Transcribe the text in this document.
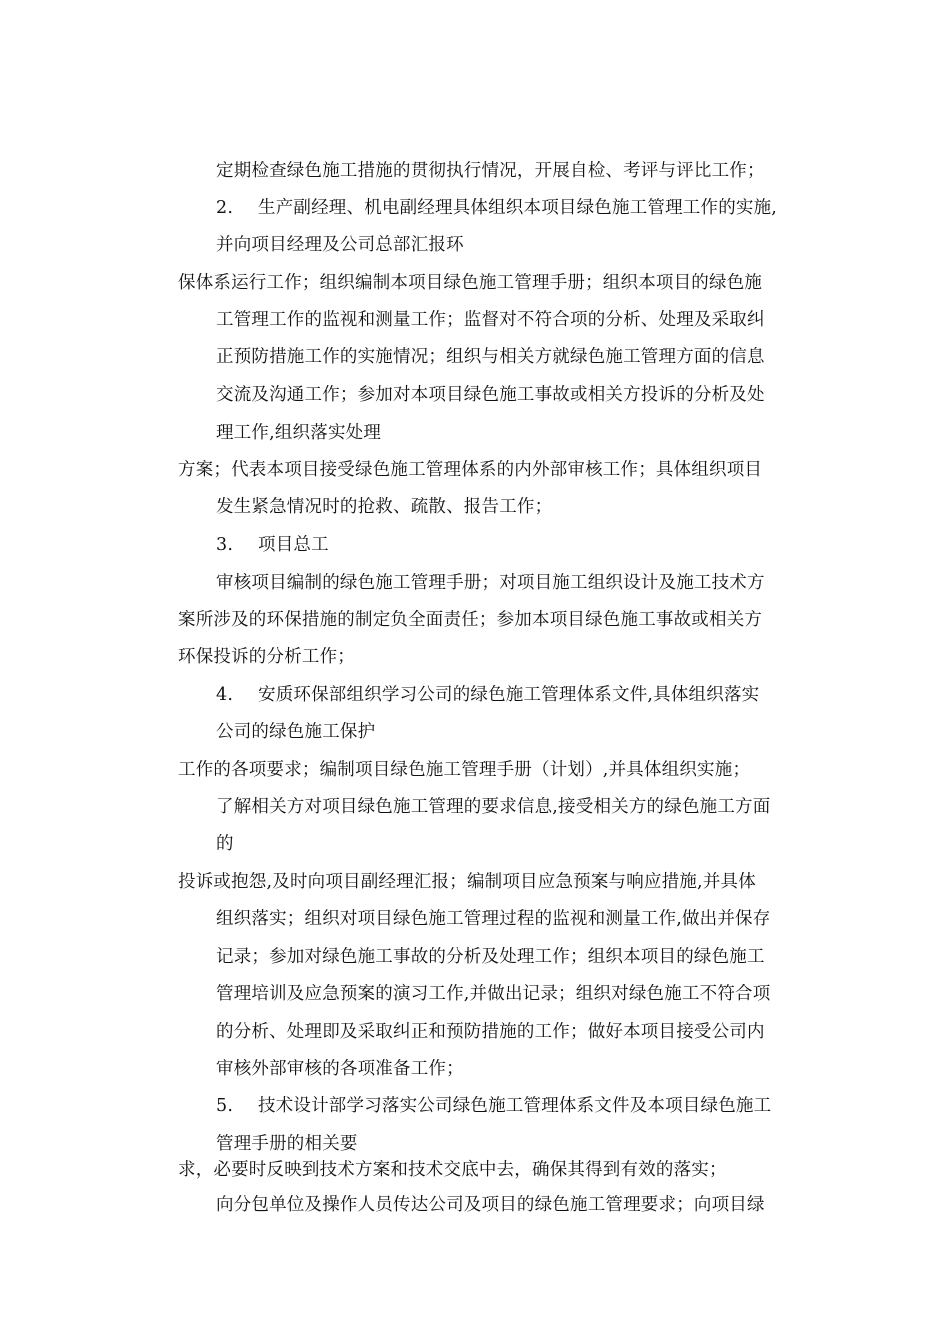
定期检查绿色施工措施的贯彻执行情况，开展自检、考评与评比工作；
2. 生产副经理、机电副经理具体组织本项目绿色施工管理工作的实施,
并向项目经理及公司总部汇报环
保体系运行工作；组织编制本项目绿色施工管理手册；组织本项目的绿色施
工管理工作的监视和测量工作；监督对不符合项的分析、处理及采取纠
正预防措施工作的实施情况；组织与相关方就绿色施工管理方面的信息
交流及沟通工作；参加对本项目绿色施工事故或相关方投诉的分析及处
理工作,组织落实处理
方案；代表本项目接受绿色施工管理体系的内外部审核工作；具体组织项目
发生紧急情况时的抢救、疏散、报告工作；
3. 项目总工
审核项目编制的绿色施工管理手册；对项目施工组织设计及施工技术方
案所涉及的环保措施的制定负全面责任；参加本项目绿色施工事故或相关方
环保投诉的分析工作；
4. 安质环保部组织学习公司的绿色施工管理体系文件,具体组织落实
公司的绿色施工保护
工作的各项要求；编制项目绿色施工管理手册（计划）,并具体组织实施；
了解相关方对项目绿色施工管理的要求信息,接受相关方的绿色施工方面
的
投诉或抱怨,及时向项目副经理汇报；编制项目应急预案与响应措施,并具体
组织落实；组织对项目绿色施工管理过程的监视和测量工作,做出并保存
记录；参加对绿色施工事故的分析及处理工作；组织本项目的绿色施工
管理培训及应急预案的演习工作,并做出记录；组织对绿色施工不符合项
的分析、处理即及采取纠正和预防措施的工作；做好本项目接受公司内
审核外部审核的各项准备工作；
5. 技术设计部学习落实公司绿色施工管理体系文件及本项目绿色施工
管理手册的相关要
求，必要时反映到技术方案和技术交底中去，确保其得到有效的落实；
向分包单位及操作人员传达公司及项目的绿色施工管理要求；向项目绿
